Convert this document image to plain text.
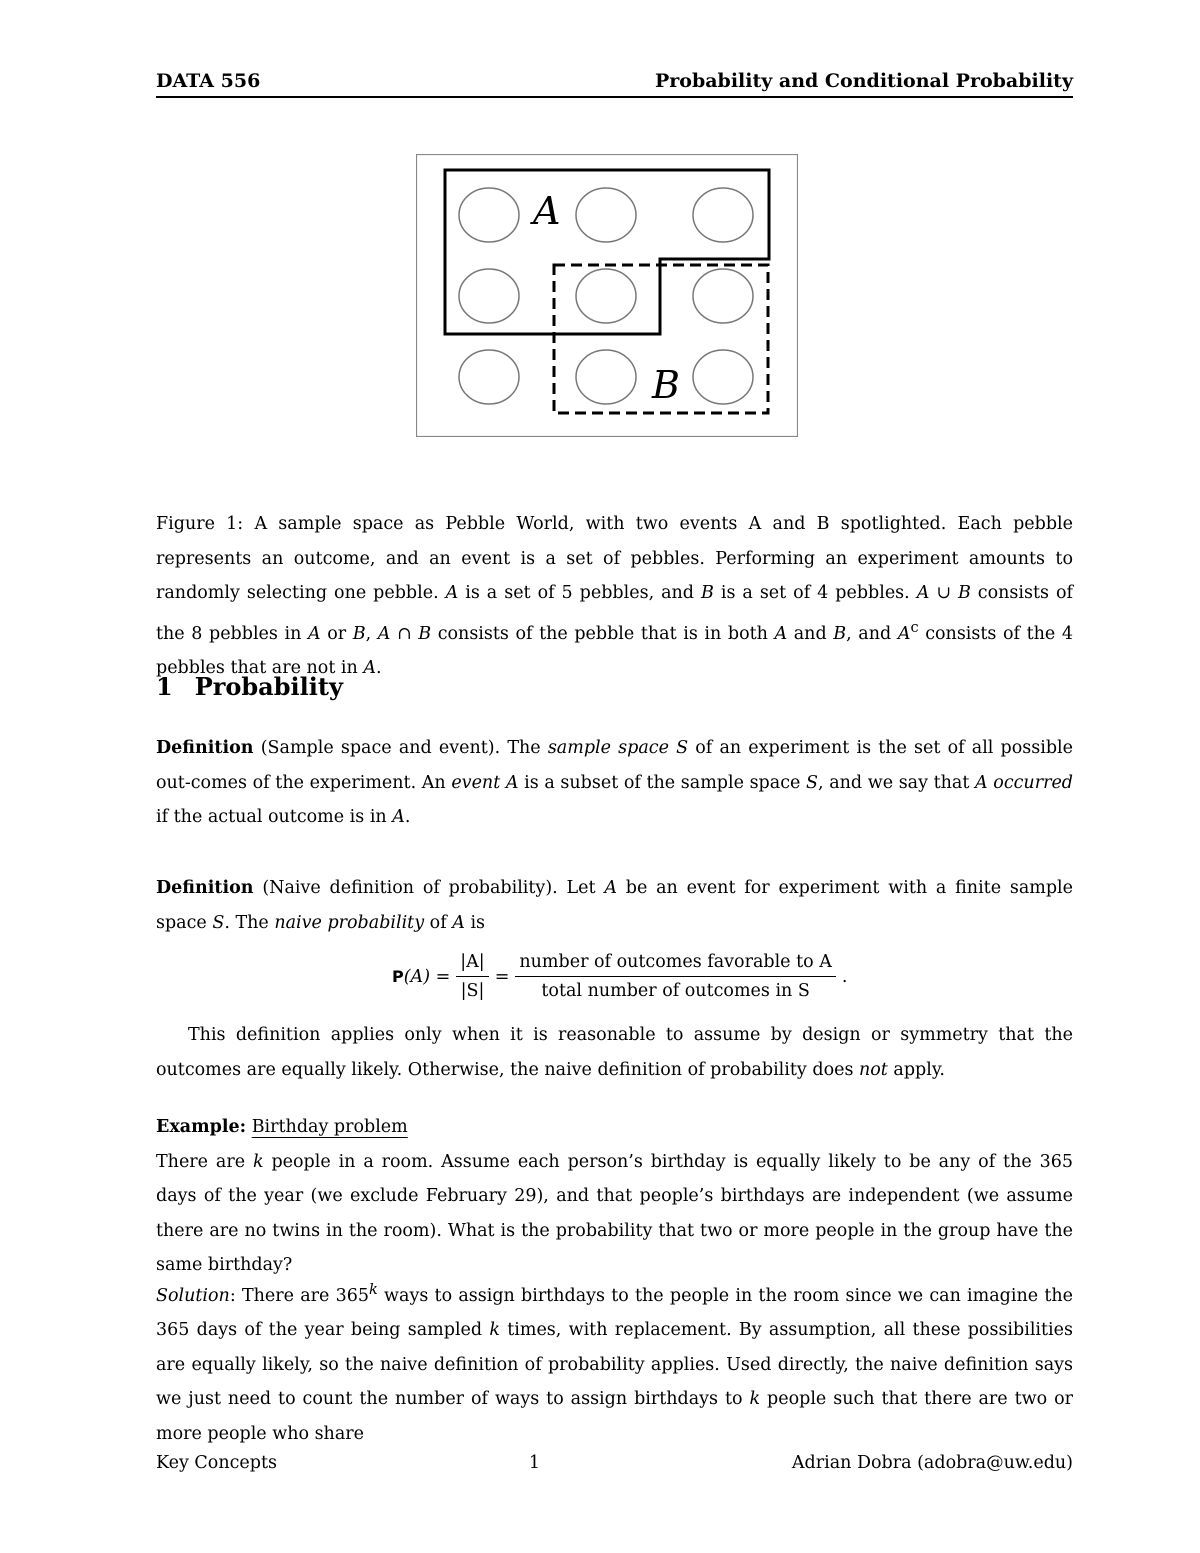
DATA 556	Probability and Conditional Probability
A
B
Figure 1: A sample space as Pebble World, with two events A and B spotlighted. Each pebble represents an outcome, and an event is a set of pebbles. Performing an experiment amounts to randomly selecting one pebble. A is a set of 5 pebbles, and B is a set of 4 pebbles. A ∪ B consists of the 8 pebbles in A or B, A ∩ B consists of the pebble that is in both A and B, and $A^c$ consists of the 4 pebbles that are not in A.
1 Probability
Definition (Sample space and event). The sample space S of an experiment is the set of all possible out-comes of the experiment. An event A is a subset of the sample space S, and we say that A occurred if the actual outcome is in A.
Definition (Naive definition of probability). Let A be an event for experiment with a finite sample space S. The naive probability of A is
P $(A) = \frac{|A|}{|S|} = \frac{\text{number of outcomes favorable to A}}{\text{total number of outcomes in S}}$ .
This definition applies only when it is reasonable to assume by design or symmetry that the outcomes are equally likely. Otherwise, the naive definition of probability does not apply.
Example: Birthday problem
There are k people in a room. Assume each person’s birthday is equally likely to be any of the 365 days of the year (we exclude February 29), and that people’s birthdays are independent (we assume there are no twins in the room). What is the probability that two or more people in the group have the same birthday?
Solution: There are 365$^k$ ways to assign birthdays to the people in the room since we can imagine the 365 days of the year being sampled k times, with replacement. By assumption, all these possibilities are equally likely, so the naive definition of probability applies. Used directly, the naive definition says we just need to count the number of ways to assign birthdays to k people such that there are two or more people who share
Key Concepts	1	Adrian Dobra (adobra@uw.edu)
